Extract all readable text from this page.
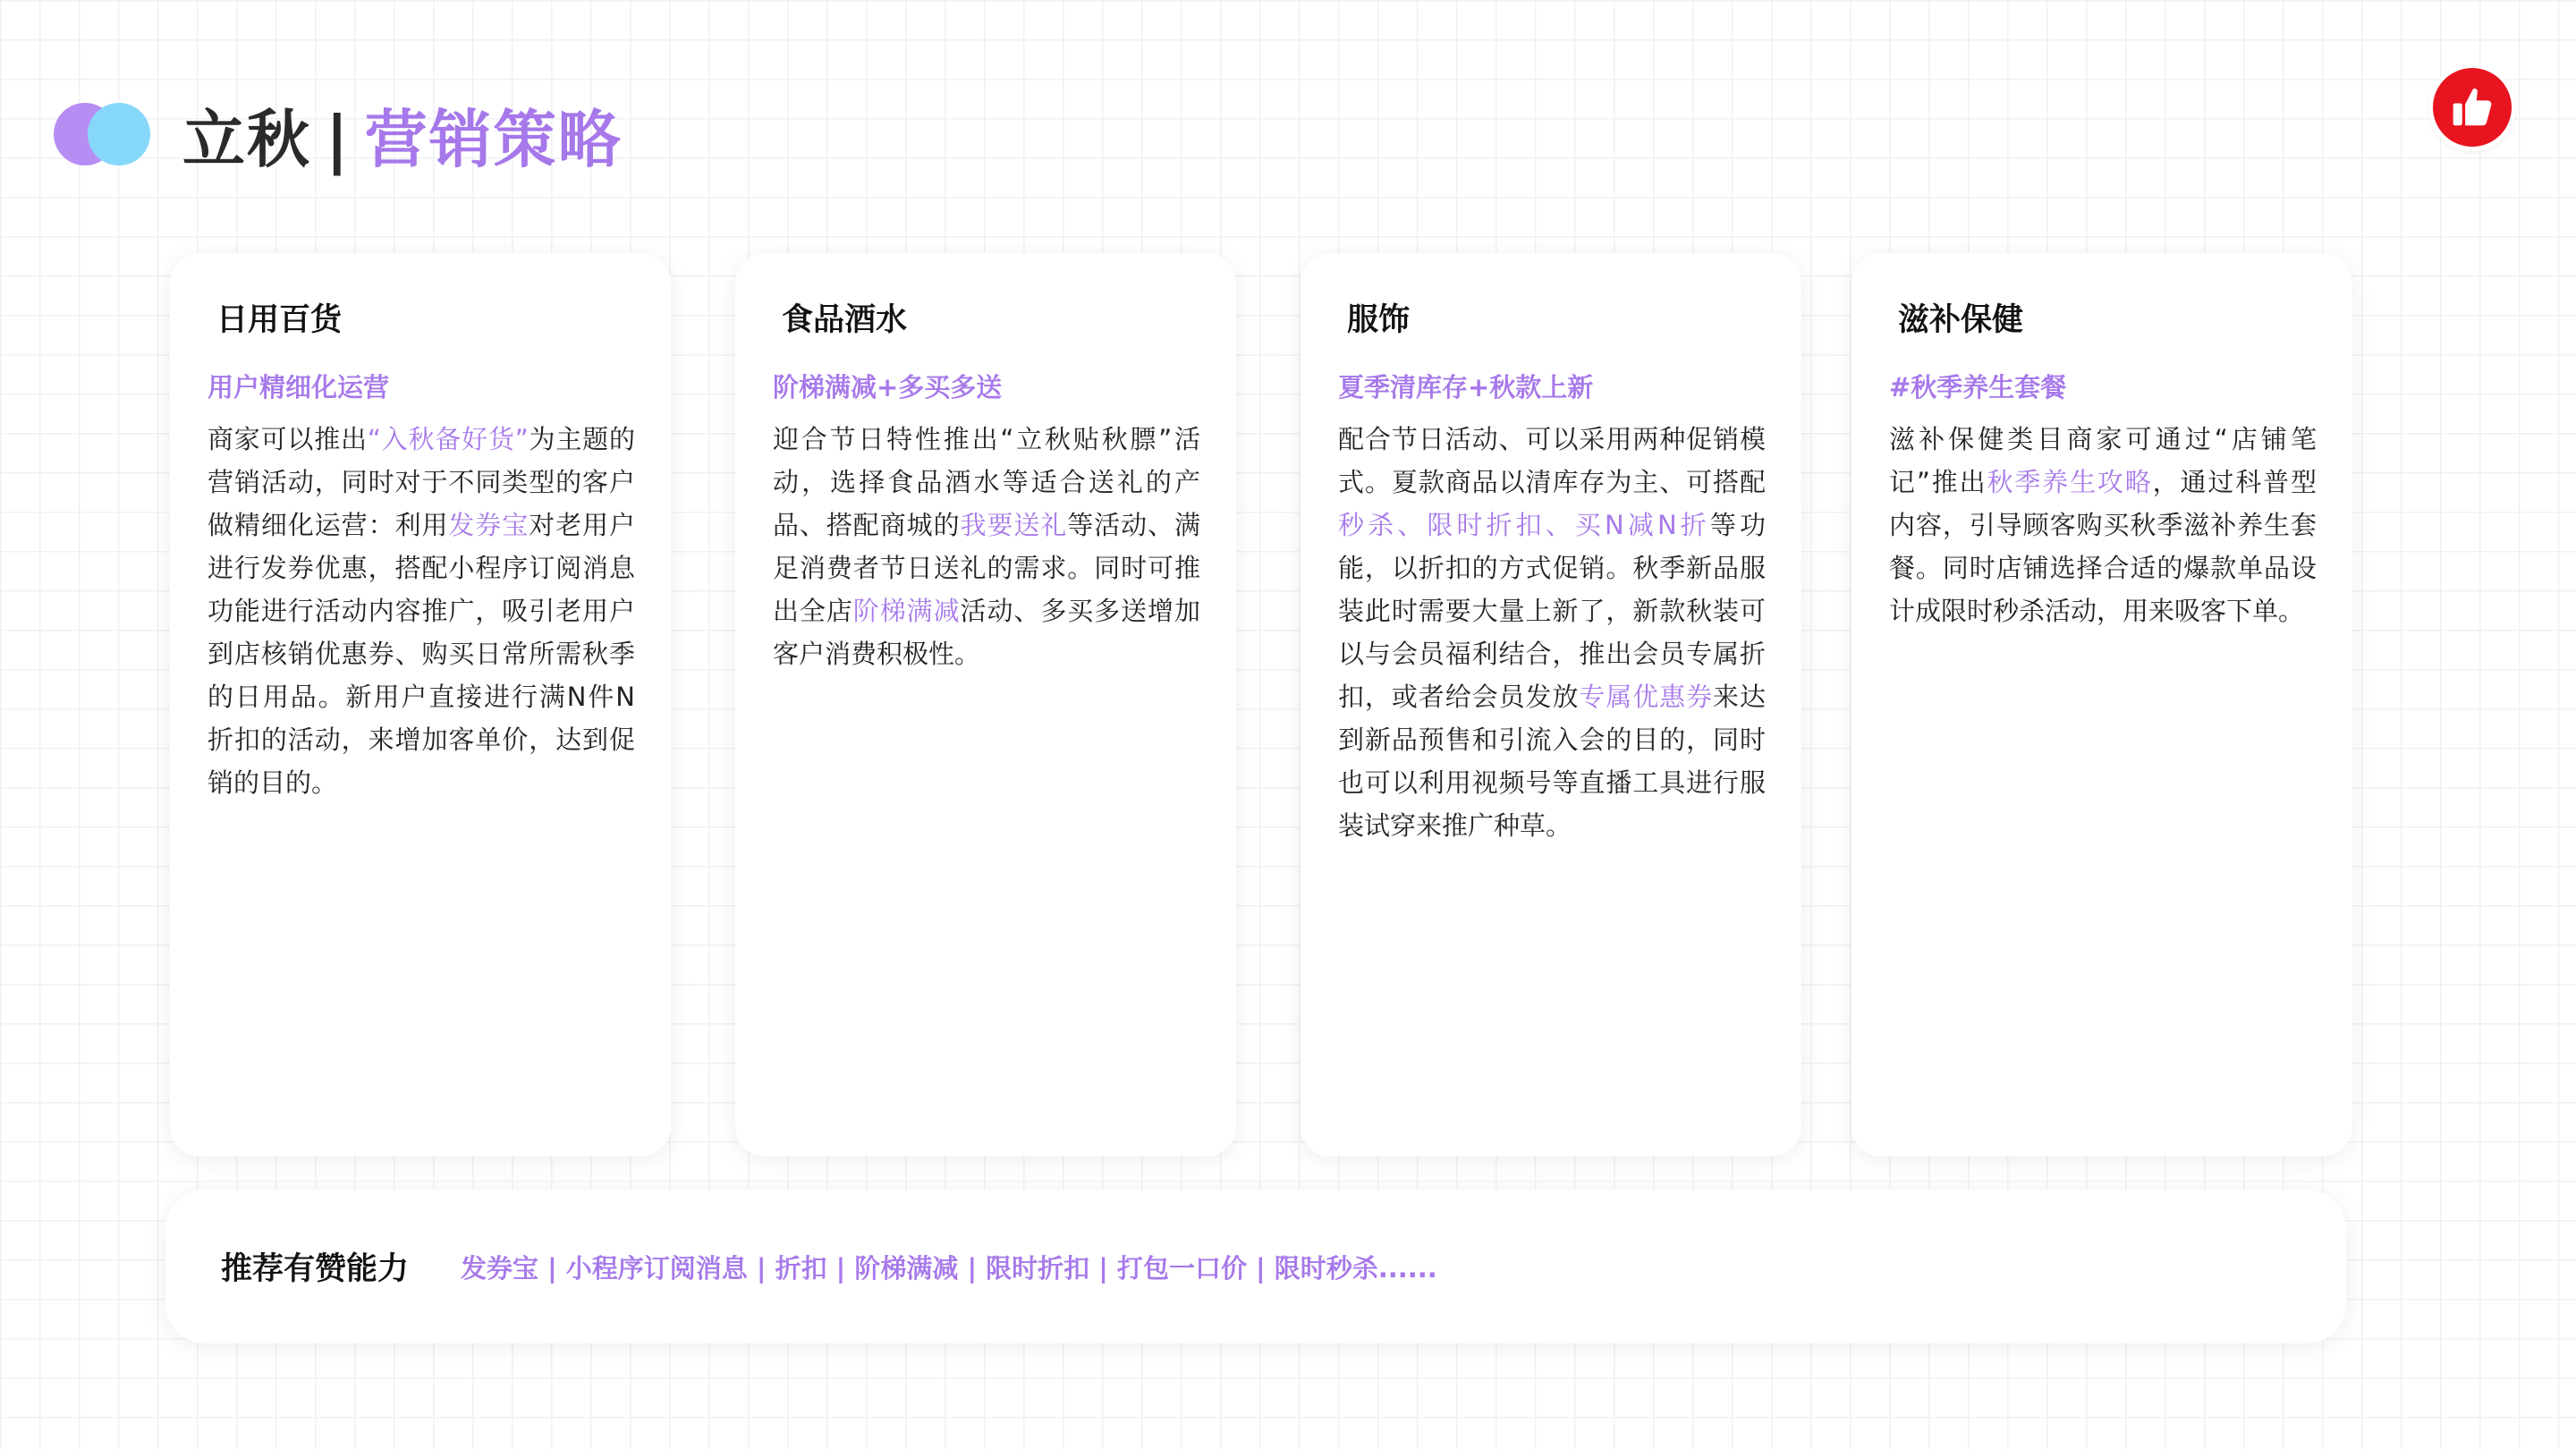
立秋 | 营销策略
日用百货
用户精细化运营
商家可以推出“入秋备好货”为主题的营销活动，同时对于不同类型的客户做精细化运营：利用发券宝对老用户进行发券优惠，搭配小程序订阅消息功能进行活动内容推广，吸引老用户到店核销优惠券、购买日常所需秋季的日用品。新用户直接进行满N件N折扣的活动，来增加客单价，达到促销的目的。
食品酒水
阶梯满减+多买多送
迎合节日特性推出“立秋贴秋膘”活动，选择食品酒水等适合送礼的产品、搭配商城的我要送礼等活动、满足消费者节日送礼的需求。同时可推出全店阶梯满减活动、多买多送增加客户消费积极性。
服饰
夏季清库存+秋款上新
配合节日活动、可以采用两种促销模式。夏款商品以清库存为主、可搭配秒杀、限时折扣、买N减N折等功能，以折扣的方式促销。秋季新品服装此时需要大量上新了，新款秋装可以与会员福利结合，推出会员专属折扣，或者给会员发放专属优惠券来达到新品预售和引流入会的目的，同时也可以利用视频号等直播工具进行服装试穿来推广种草。
滋补保健
#秋季养生套餐
滋补保健类目商家可通过“店铺笔记”推出秋季养生攻略，通过科普型内容，引导顾客购买秋季滋补养生套餐。同时店铺选择合适的爆款单品设计成限时秒杀活动，用来吸客下单。
推荐有赞能力 发券宝 | 小程序订阅消息 | 折扣 | 阶梯满减 | 限时折扣 | 打包一口价 | 限时秒杀......
